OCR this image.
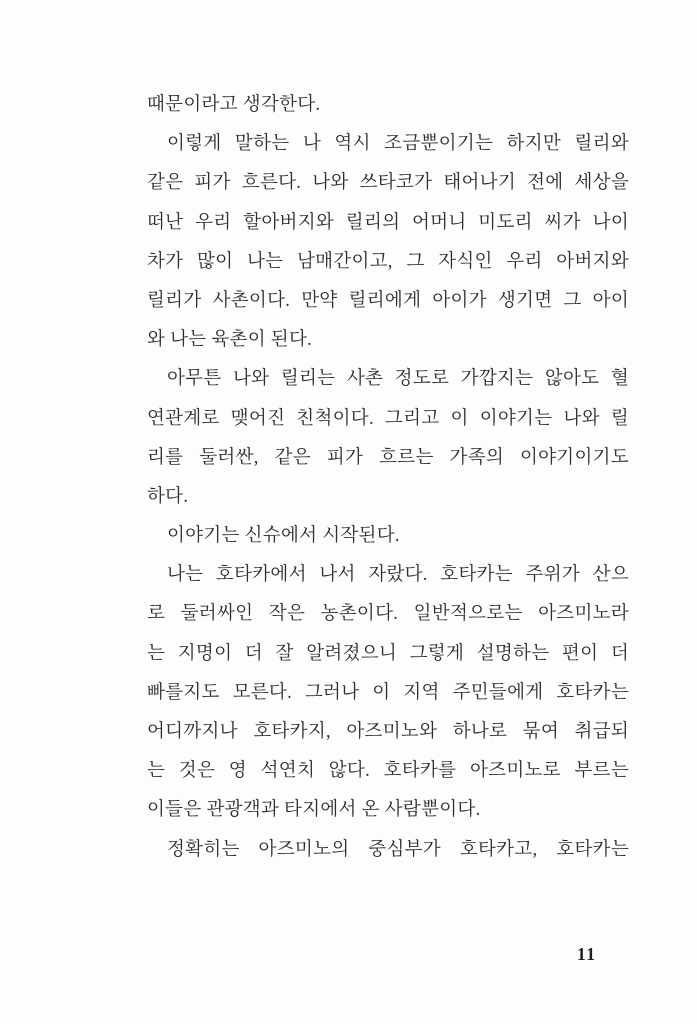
때문이라고 생각한다.
이렇게 말하는 나 역시 조금뿐이기는 하지만 릴리와
같은 피가 흐른다. 나와 쓰타코가 태어나기 전에 세상을
떠난 우리 할아버지와 릴리의 어머니 미도리 씨가 나이
차가 많이 나는 남매간이고, 그 자식인 우리 아버지와
릴리가 사촌이다. 만약 릴리에게 아이가 생기면 그 아이
와 나는 육촌이 된다.
아무튼 나와 릴리는 사촌 정도로 가깝지는 않아도 혈
연관계로 맺어진 친척이다. 그리고 이 이야기는 나와 릴
리를 둘러싼, 같은 피가 흐르는 가족의 이야기이기도
하다.
이야기는 신슈에서 시작된다.
나는 호타카에서 나서 자랐다. 호타카는 주위가 산으
로 둘러싸인 작은 농촌이다. 일반적으로는 아즈미노라
는 지명이 더 잘 알려졌으니 그렇게 설명하는 편이 더
빠를지도 모른다. 그러나 이 지역 주민들에게 호타카는
어디까지나 호타카지, 아즈미노와 하나로 묶여 취급되
는 것은 영 석연치 않다. 호타카를 아즈미노로 부르는
이들은 관광객과 타지에서 온 사람뿐이다.
정확히는 아즈미노의 중심부가 호타카고, 호타카는
11
